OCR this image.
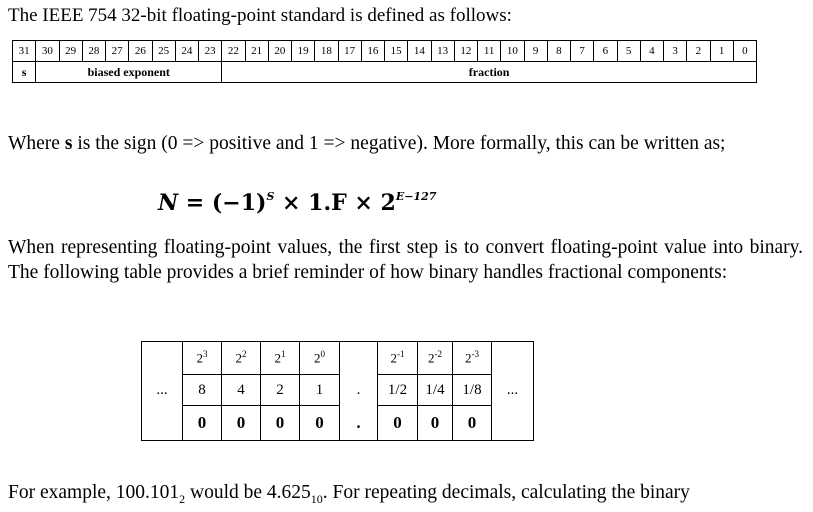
The IEEE 754 32-bit floating-point standard is defined as follows:
31	30	29	28	27	26	25	24	23	22	21	20	19	18	17	16	15	14	13	12	11	10	9	8	7	6	5	4	3	2	1	0
s	biased exponent								fraction																						
Where s is the sign (0 => positive and 1 => negative). More formally, this can be written as;
$N = (-1)^S \times 1.F \times 2^{E-127}$
When representing floating-point values, the first step is to convert floating-point value into binary. The following table provides a brief reminder of how binary handles fractional components:
	$2^3$	$2^2$	$2^1$	$2^0$		$2^{-1}$	$2^{-2}$	$2^{-3}$	
...	8	4	2	1	.	1/2	1/4	1/8	...
	0	0	0	0	.	0	0	0	
For example, $100.101_2$ would be $4.625_{10}$. For repeating decimals, calculating the binary
